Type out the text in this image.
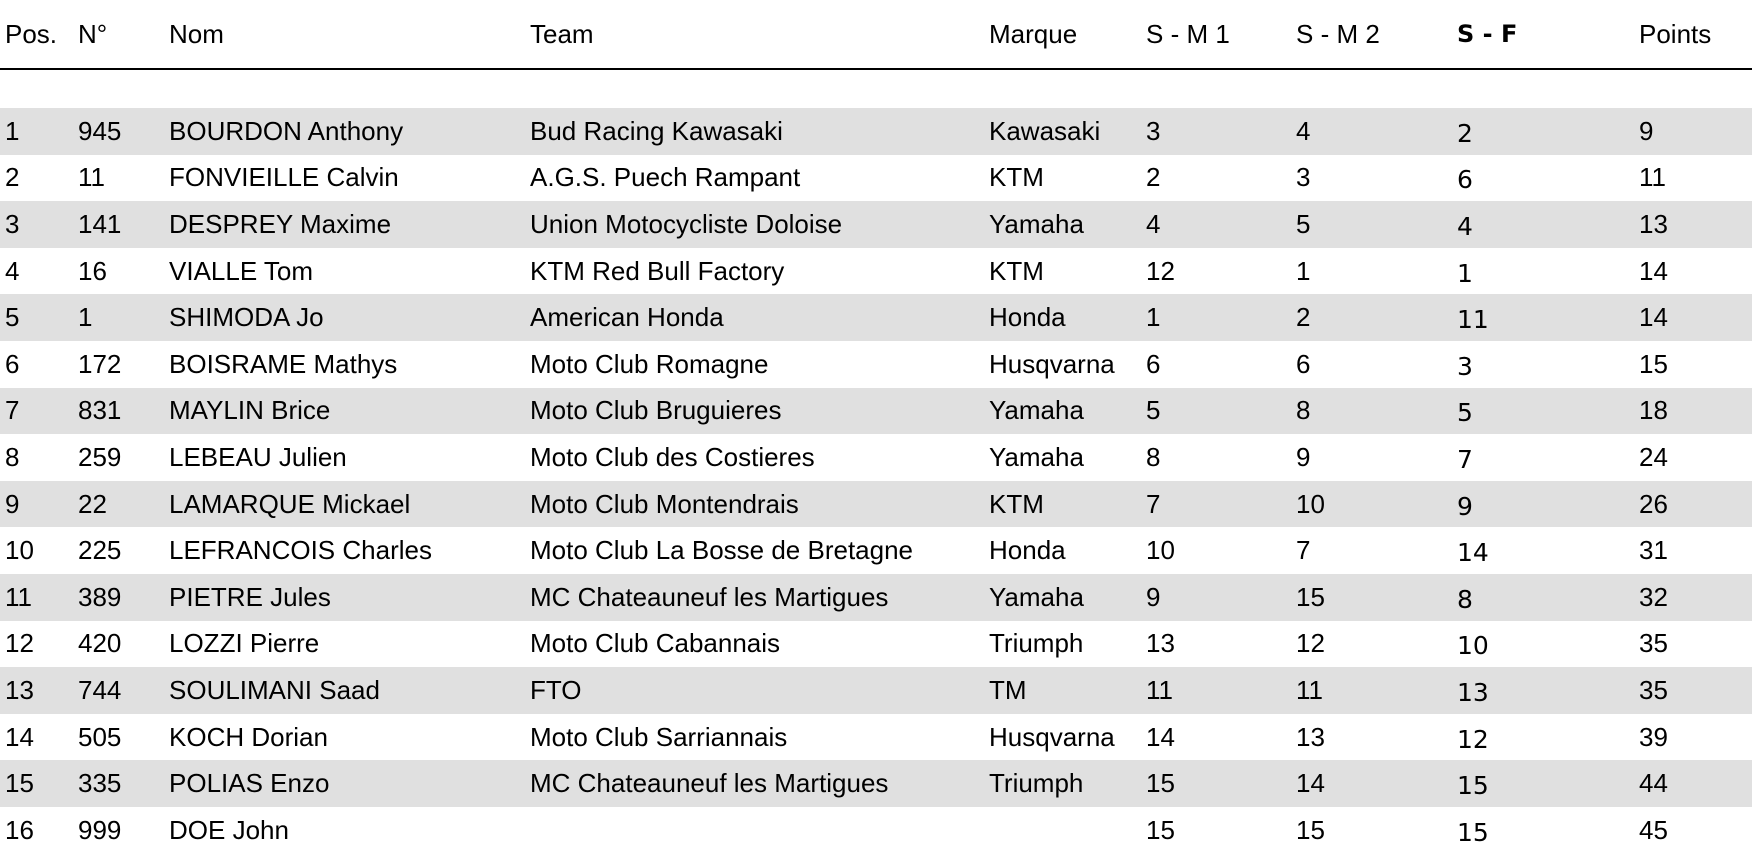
Pos.	N°	Nom	Team	Marque	S - M 1	S - M 2	S - F	Points

1	945	BOURDON Anthony	Bud Racing Kawasaki	Kawasaki	3	4	2	9
2	11	FONVIEILLE Calvin	A.G.S. Puech Rampant	KTM	2	3	6	11
3	141	DESPREY Maxime	Union Motocycliste Doloise	Yamaha	4	5	4	13
4	16	VIALLE Tom	KTM Red Bull Factory	KTM	12	1	1	14
5	1	SHIMODA Jo	American Honda	Honda	1	2	11	14
6	172	BOISRAME Mathys	Moto Club Romagne	Husqvarna	6	6	3	15
7	831	MAYLIN Brice	Moto Club Bruguieres	Yamaha	5	8	5	18
8	259	LEBEAU Julien	Moto Club des Costieres	Yamaha	8	9	7	24
9	22	LAMARQUE Mickael	Moto Club Montendrais	KTM	7	10	9	26
10	225	LEFRANCOIS Charles	Moto Club La Bosse de Bretagne	Honda	10	7	14	31
11	389	PIETRE Jules	MC Chateauneuf les Martigues	Yamaha	9	15	8	32
12	420	LOZZI Pierre	Moto Club Cabannais	Triumph	13	12	10	35
13	744	SOULIMANI Saad	FTO	TM	11	11	13	35
14	505	KOCH Dorian	Moto Club Sarriannais	Husqvarna	14	13	12	39
15	335	POLIAS Enzo	MC Chateauneuf les Martigues	Triumph	15	14	15	44
16	999	DOE John			15	15	15	45
